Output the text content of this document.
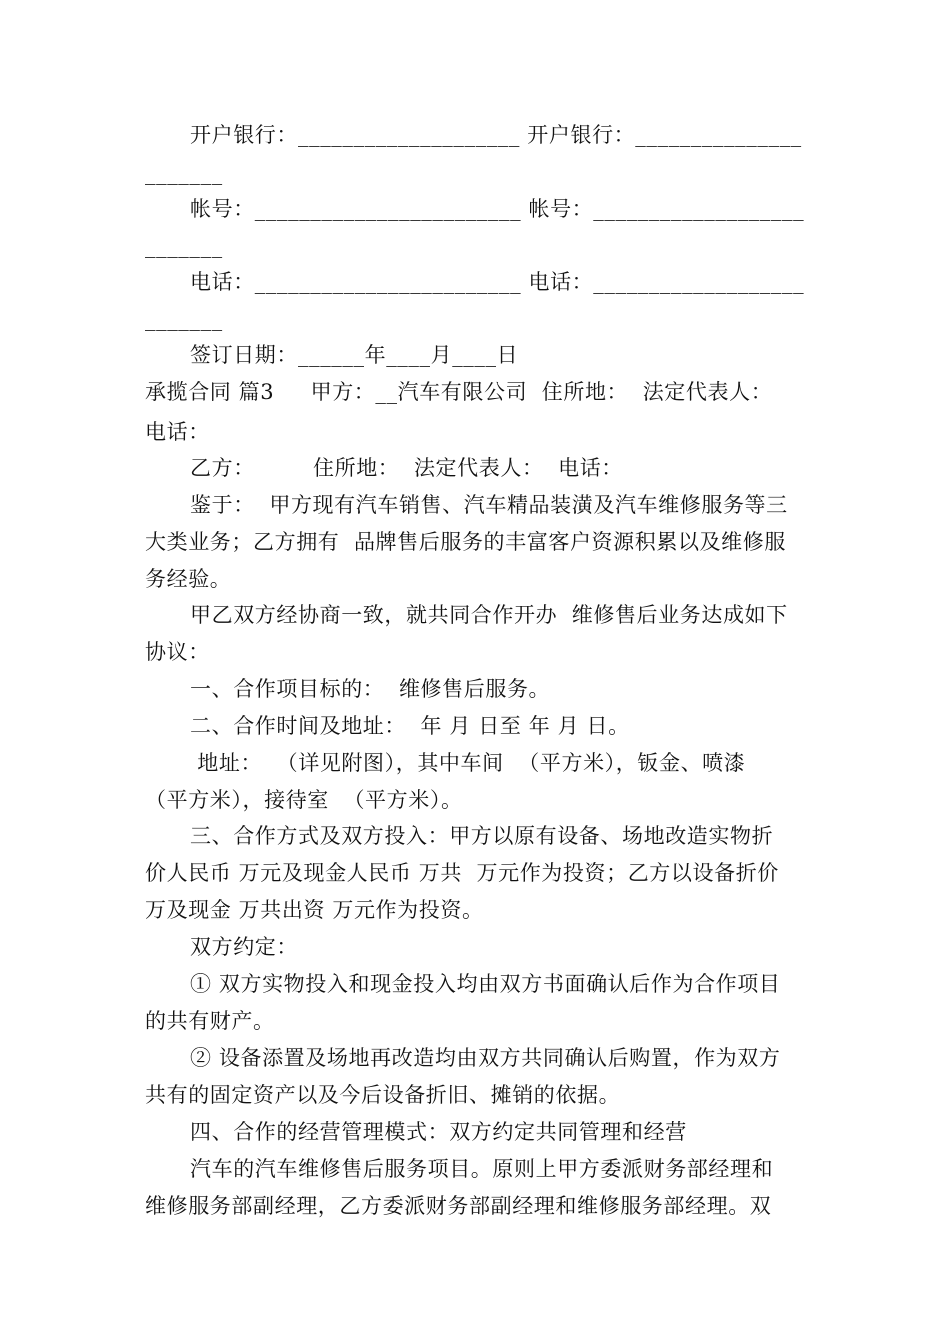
开户银行：____________________ 开户银行：_______________
_______
帐号：________________________ 帐号：___________________
_______
电话：________________________ 电话：___________________
_______
签订日期：______年____月____日
承揽合同 篇3     甲方：__汽车有限公司  住所地：  法定代表人：
电话：
乙方：        住所地：  法定代表人：  电话：
鉴于：  甲方现有汽车销售、汽车精品装潢及汽车维修服务等三
大类业务；乙方拥有  品牌售后服务的丰富客户资源积累以及维修服
务经验。
甲乙双方经协商一致，就共同合作开办  维修售后业务达成如下
协议：
一、合作项目标的：  维修售后服务。
二、合作时间及地址：  年 月 日至 年 月 日。
地址：  （详见附图），其中车间  （平方米），钣金、喷漆
（平方米），接待室  （平方米）。
三、合作方式及双方投入：甲方以原有设备、场地改造实物折
价人民币 万元及现金人民币 万共  万元作为投资；乙方以设备折价
万及现金 万共出资 万元作为投资。
双方约定：
① 双方实物投入和现金投入均由双方书面确认后作为合作项目
的共有财产。
② 设备添置及场地再改造均由双方共同确认后购置，作为双方
共有的固定资产以及今后设备折旧、摊销的依据。
四、合作的经营管理模式：双方约定共同管理和经营
汽车的汽车维修售后服务项目。原则上甲方委派财务部经理和
维修服务部副经理，乙方委派财务部副经理和维修服务部经理。双
